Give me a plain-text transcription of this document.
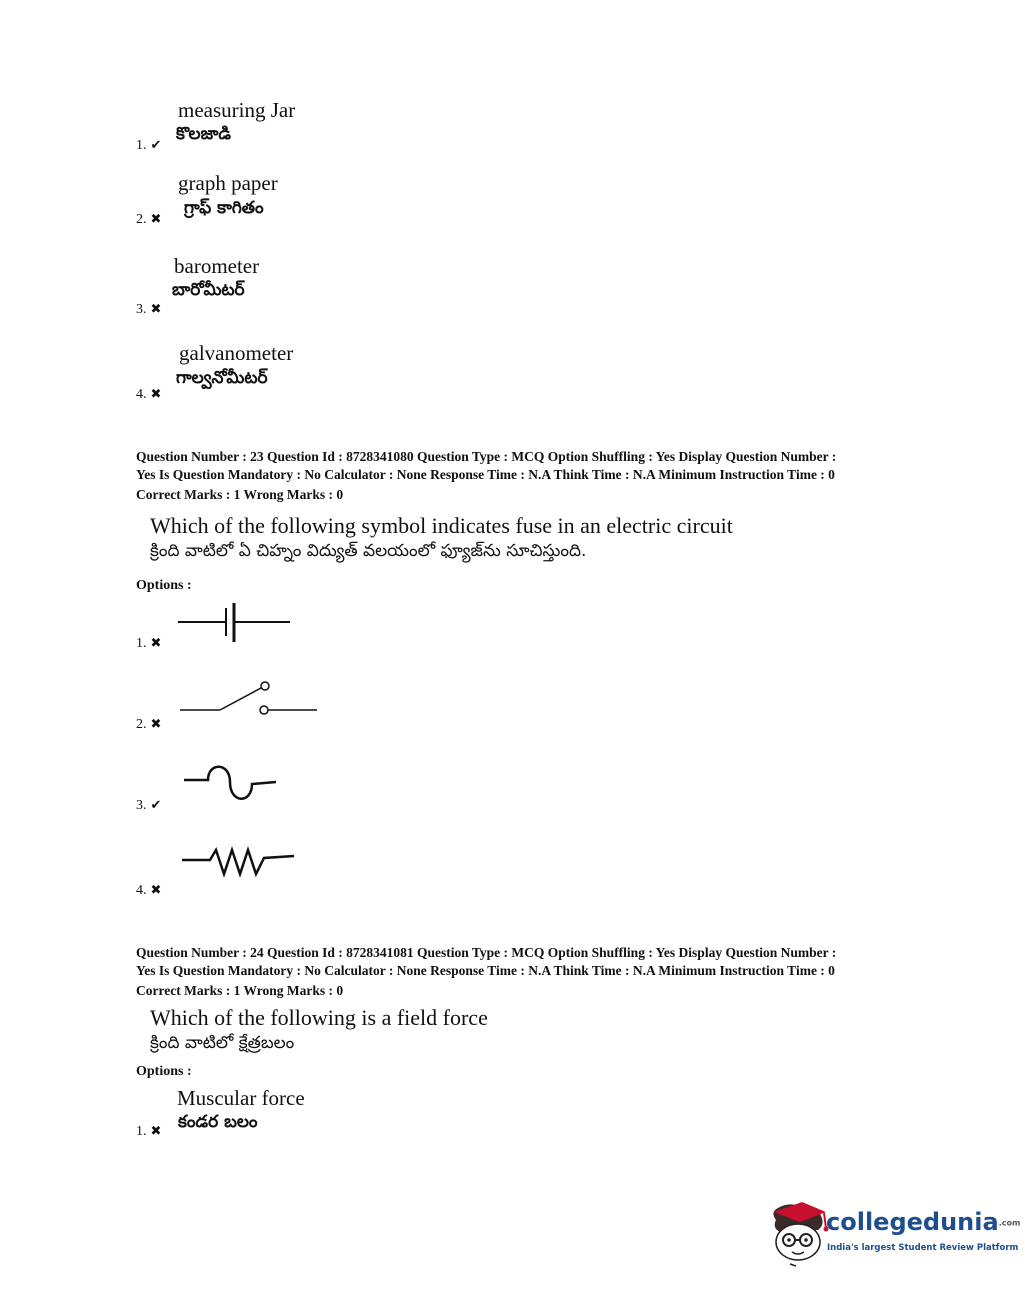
measuring Jar
కొలజాడి
1. ✔
graph paper
గ్రాఫ్ కాగితం
2. ✖
barometer
బారోమీటర్
3. ✖
galvanometer
గాల్వనోమీటర్
4. ✖
Question Number : 23 Question Id : 8728341080 Question Type : MCQ Option Shuffling : Yes Display Question Number :
Yes Is Question Mandatory : No Calculator : None Response Time : N.A Think Time : N.A Minimum Instruction Time : 0
Correct Marks : 1 Wrong Marks : 0
Which of the following symbol indicates fuse in an electric circuit
క్రింది వాటిలో ఏ చిహ్నం విద్యుత్ వలయంలో ఫ్యూజ్‌ను సూచిస్తుంది.
Options :
1. ✖
2. ✖
3. ✔
4. ✖
Question Number : 24 Question Id : 8728341081 Question Type : MCQ Option Shuffling : Yes Display Question Number :
Yes Is Question Mandatory : No Calculator : None Response Time : N.A Think Time : N.A Minimum Instruction Time : 0
Correct Marks : 1 Wrong Marks : 0
Which of the following is a field force
క్రింది వాటిలో క్షేత్రబలం
Options :
Muscular force
కండర బలం
1. ✖
collegedunia.com
India's largest Student Review Platform
